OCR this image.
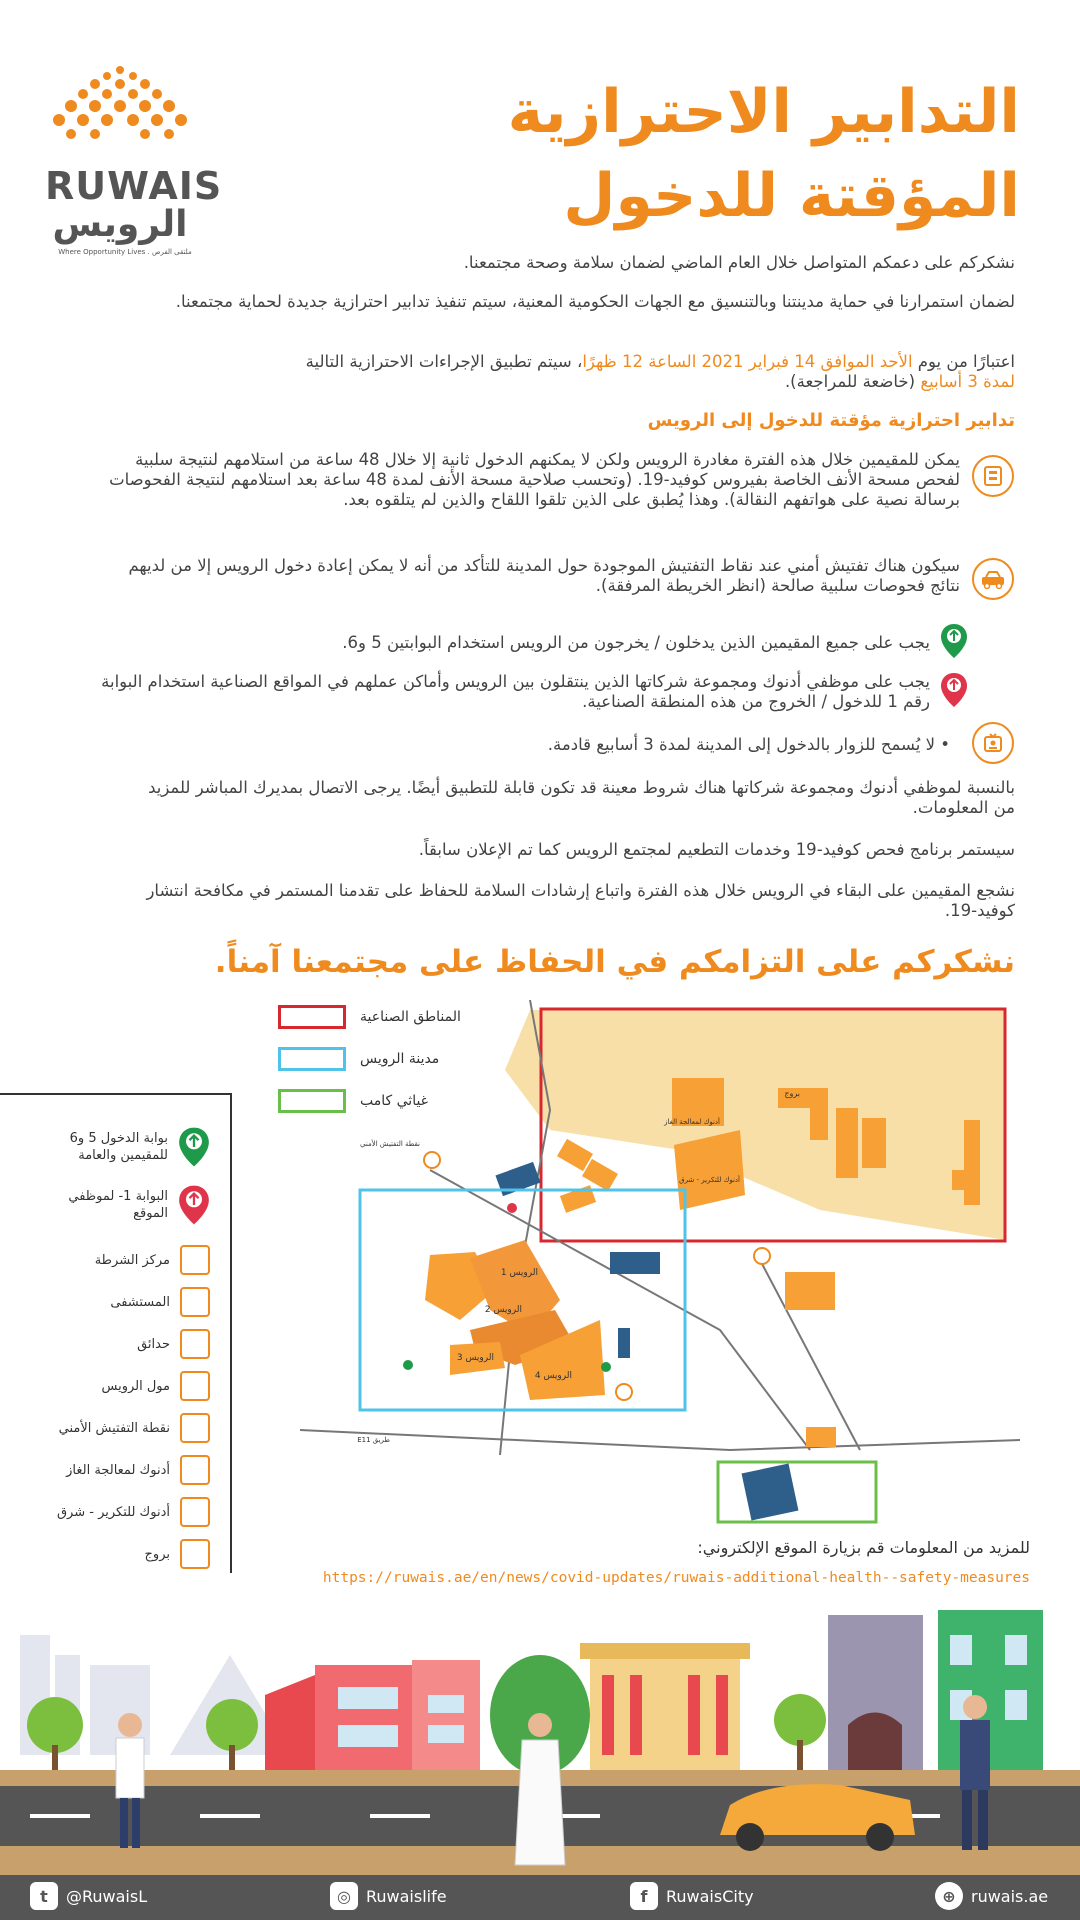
RUWAIS
الرويس
Where Opportunity Lives . ملتقى الفرص
التدابير الاحترازية
المؤقتة للدخول
نشكركم على دعمكم المتواصل خلال العام الماضي لضمان سلامة وصحة مجتمعنا.
لضمان استمرارنا في حماية مدينتنا وبالتنسيق مع الجهات الحكومية المعنية، سيتم تنفيذ تدابير احترازية جديدة لحماية مجتمعنا.
اعتبارًا من يوم الأحد الموافق 14 فبراير 2021 الساعة 12 ظهرًا، سيتم تطبيق الإجراءات الاحترازية التالية
لمدة 3 أسابيع (خاضعة للمراجعة).
تدابير احترازية مؤقتة للدخول إلى الرويس
يمكن للمقيمين خلال هذه الفترة مغادرة الرويس ولكن لا يمكنهم الدخول ثانية إلا خلال 48 ساعة من استلامهم لنتيجة سلبية لفحص مسحة الأنف الخاصة بفيروس كوفيد-19. (وتحسب صلاحية مسحة الأنف لمدة 48 ساعة بعد استلامهم لنتيجة الفحوصات برسالة نصية على هواتفهم النقالة). وهذا يُطبق على الذين تلقوا اللقاح والذين لم يتلقوه بعد.
سيكون هناك تفتيش أمني عند نقاط التفتيش الموجودة حول المدينة للتأكد من أنه لا يمكن إعادة دخول الرويس إلا من لديهم نتائج فحوصات سلبية صالحة (انظر الخريطة المرفقة).
يجب على جميع المقيمين الذين يدخلون / يخرجون من الرويس استخدام البوابتين 5 و6.
يجب على موظفي أدنوك ومجموعة شركاتها الذين ينتقلون بين الرويس وأماكن عملهم في المواقع الصناعية استخدام البوابة رقم 1 للدخول / الخروج من هذه المنطقة الصناعية.
• لا يُسمح للزوار بالدخول إلى المدينة لمدة 3 أسابيع قادمة.
بالنسبة لموظفي أدنوك ومجموعة شركاتها هناك شروط معينة قد تكون قابلة للتطبيق أيضًا. يرجى الاتصال بمديرك المباشر للمزيد من المعلومات.
سيستمر برنامج فحص كوفيد-19 وخدمات التطعيم لمجتمع الرويس كما تم الإعلان سابقاً.
نشجع المقيمين على البقاء في الرويس خلال هذه الفترة واتباع إرشادات السلامة للحفاظ على تقدمنا المستمر في مكافحة انتشار كوفيد-19.
نشكركم على التزامكم في الحفاظ على مجتمعنا آمناً.
بوابة الدخول 5 و6 للمقيمين والعامة
البوابة 1- لموظفي الموقع
مركز الشرطة
المستشفى
حدائق
مول الرويس
نقطة التفتيش الأمني
أدنوك لمعالجة الغاز
أدنوك للتكرير - شرق
بروج
المناطق الصناعية
مدينة الرويس
غياثي كامب
الرويس 1
الرويس 2
الرويس 3
الرويس 4
بروج
أدنوك لمعالجة الغاز
أدنوك للتكرير - شرق
نقطة التفتيش الأمني
طريق E11
للمزيد من المعلومات قم بزيارة الموقع الإلكتروني:
https://ruwais.ae/en/news/covid-updates/ruwais-additional-health--safety-measures
t	@RuwaisL	◎ Ruwaislife	f	RuwaisCity	⊕ ruwais.ae
